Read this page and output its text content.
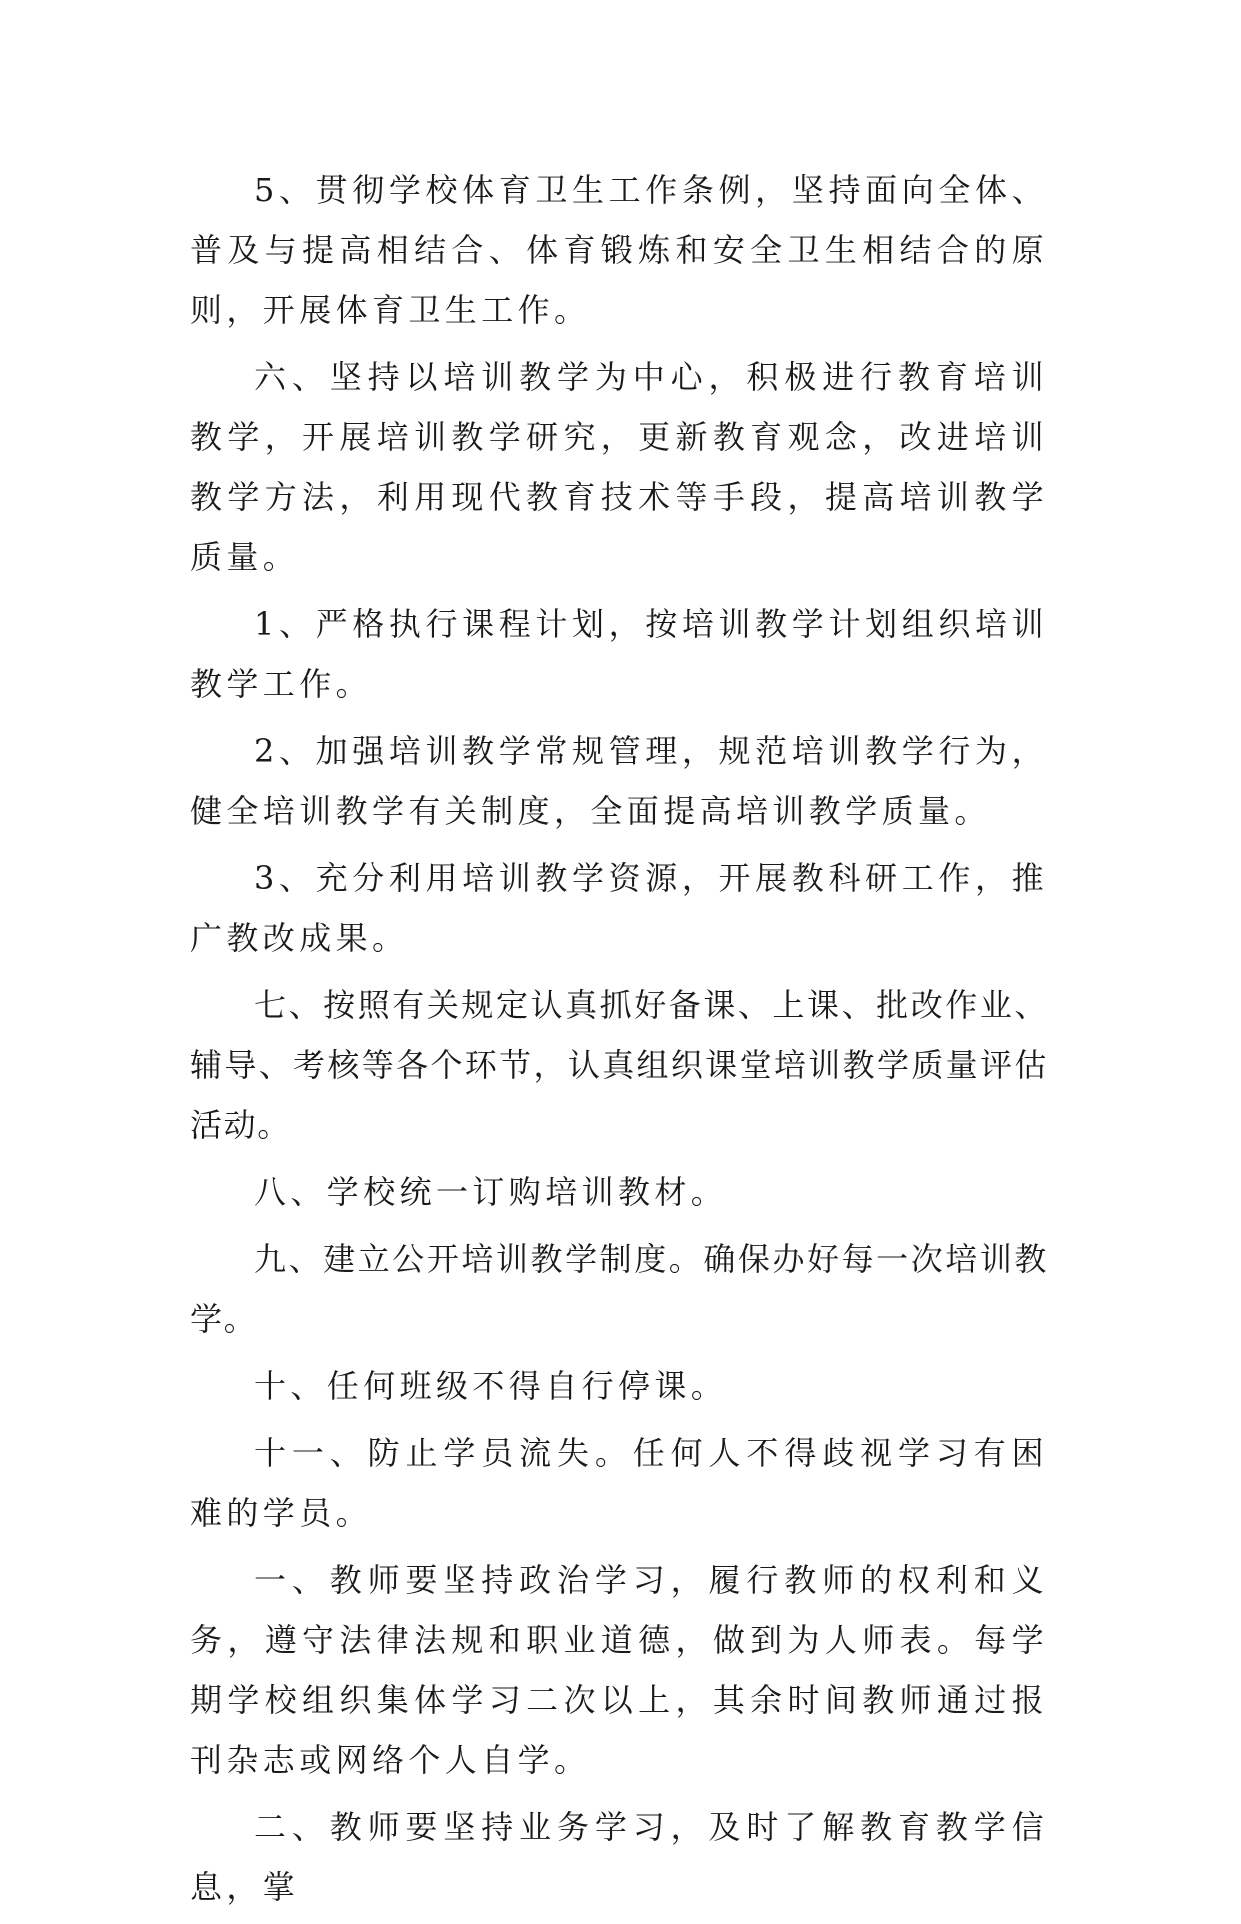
5、贯彻学校体育卫生工作条例，坚持面向全体、普及与提高相结合、体育锻炼和安全卫生相结合的原则，开展体育卫生工作。

六、坚持以培训教学为中心，积极进行教育培训教学，开展培训教学研究，更新教育观念，改进培训教学方法，利用现代教育技术等手段，提高培训教学质量。

1、严格执行课程计划，按培训教学计划组织培训教学工作。

2、加强培训教学常规管理，规范培训教学行为，健全培训教学有关制度，全面提高培训教学质量。

3、充分利用培训教学资源，开展教科研工作，推广教改成果。

七、按照有关规定认真抓好备课、上课、批改作业、辅导、考核等各个环节，认真组织课堂培训教学质量评估活动。

八、学校统一订购培训教材。

九、建立公开培训教学制度。确保办好每一次培训教学。

十、任何班级不得自行停课。

十一、防止学员流失。任何人不得歧视学习有困难的学员。

一、教师要坚持政治学习，履行教师的权利和义务，遵守法律法规和职业道德，做到为人师表。每学期学校组织集体学习二次以上，其余时间教师通过报刊杂志或网络个人自学。

二、教师要坚持业务学习，及时了解教育教学信息，掌
